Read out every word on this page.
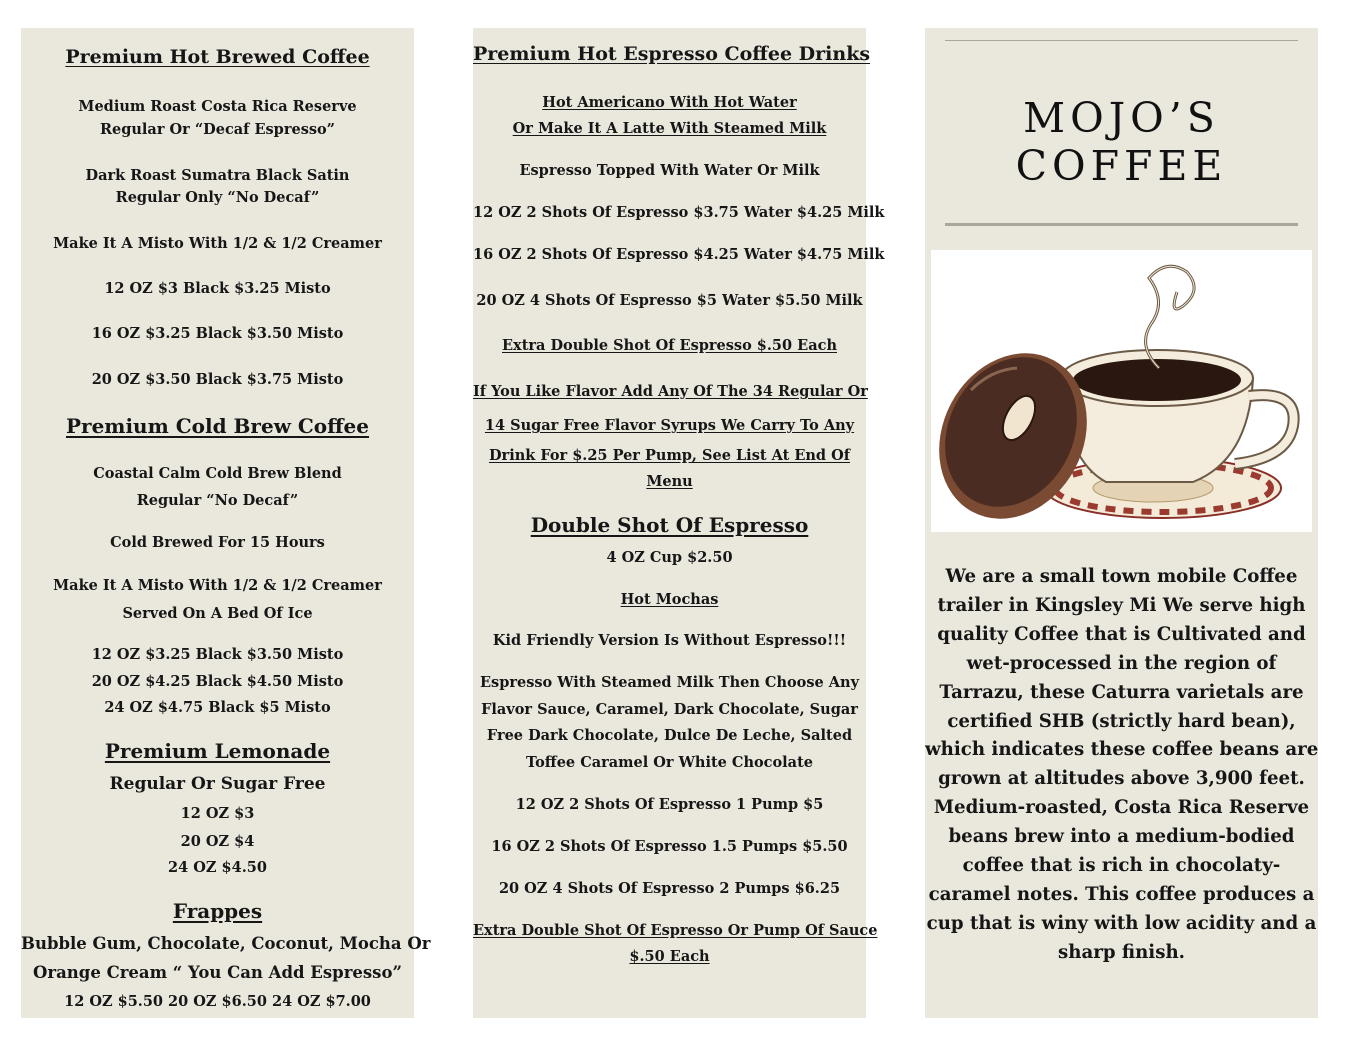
Premium Hot Brewed Coffee
Medium Roast Costa Rica Reserve
Regular Or “Decaf Espresso”
Dark Roast Sumatra Black Satin
Regular Only “No Decaf”
Make It A Misto With 1/2 & 1/2 Creamer
12 OZ $3 Black $3.25 Misto
16 OZ $3.25 Black $3.50 Misto
20 OZ $3.50 Black $3.75 Misto
Premium Cold Brew Coffee
Coastal Calm Cold Brew Blend
Regular “No Decaf”
Cold Brewed For 15 Hours
Make It A Misto With 1/2 & 1/2 Creamer
Served On A Bed Of Ice
12 OZ $3.25 Black $3.50 Misto
20 OZ $4.25 Black $4.50 Misto
24 OZ $4.75 Black $5 Misto
Premium Lemonade
Regular Or Sugar Free
12 OZ $3
20 OZ $4
24 OZ $4.50
Frappes
Bubble Gum, Chocolate, Coconut, Mocha Or
Orange Cream “ You Can Add Espresso”
12 OZ $5.50 20 OZ $6.50 24 OZ $7.00
Premium Hot Espresso Coffee Drinks
Hot Americano With Hot Water
Or Make It A Latte With Steamed Milk
Espresso Topped With Water Or Milk
12 OZ 2 Shots Of Espresso $3.75 Water $4.25 Milk
16 OZ 2 Shots Of Espresso $4.25 Water $4.75 Milk
20 OZ 4 Shots Of Espresso $5 Water $5.50 Milk
Extra Double Shot Of Espresso $.50 Each
If You Like Flavor Add Any Of The 34 Regular Or
14 Sugar Free Flavor Syrups We Carry To Any
Drink For $.25 Per Pump, See List At End Of
Menu
Double Shot Of Espresso
4 OZ Cup $2.50
Hot Mochas
Kid Friendly Version Is Without Espresso!!!
Espresso With Steamed Milk Then Choose Any
Flavor Sauce, Caramel, Dark Chocolate, Sugar
Free Dark Chocolate, Dulce De Leche, Salted
Toffee Caramel Or White Chocolate
12 OZ 2 Shots Of Espresso 1 Pump $5
16 OZ 2 Shots Of Espresso 1.5 Pumps $5.50
20 OZ 4 Shots Of Espresso 2 Pumps $6.25
Extra Double Shot Of Espresso Or Pump Of Sauce
$.50 Each
MOJO’S
COFFEE
We are a small town mobile Coffee
trailer in Kingsley Mi We serve high
quality Coffee that is Cultivated and
wet-processed in the region of
Tarrazu, these Caturra varietals are
certified SHB (strictly hard bean),
which indicates these coffee beans are
grown at altitudes above 3,900 feet.
Medium-roasted, Costa Rica Reserve
beans brew into a medium-bodied
coffee that is rich in chocolaty-
caramel notes. This coffee produces a
cup that is winy with low acidity and a
sharp finish.
